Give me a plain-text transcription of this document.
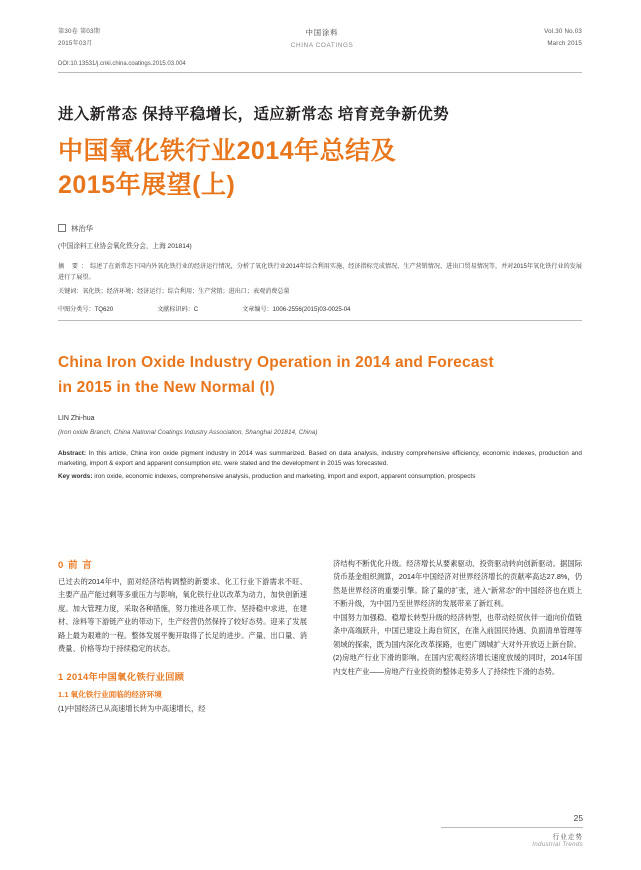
第30卷 第03期
2015年03月
中国涂料
CHINA COATINGS
Vol.30 No.03
March 2015
DOI:10.13531/j.cnki.china.coatings.2015.03.004
进入新常态 保持平稳增长，适应新常态 培育竞争新优势
中国氧化铁行业2014年总结及
2015年展望(上)
林治华
(中国涂料工业协会氧化铁分会，上海 201814)
摘 要：综述了在新常态下国内外氧化铁行业的经济运行情况，分析了氧化铁行业2014年综合利用实施、经济指标完成情况、生产营销情况、进出口贸易情况等，并对2015年氧化铁行业的发展进行了展望。
关键词：氧化铁；经济环境；经济运行；综合利用；生产营销；进出口；表观消费总量
中图分类号：TQ620	文献标识码：C	文章编号：1006-2556(2015)03-0025-04
China Iron Oxide Industry Operation in 2014 and Forecast
in 2015 in the New Normal (I)
LIN Zhi-hua
(Iron oxide Branch, China National Coatings Industry Association, Shanghai 201814, China)
Abstract: In this article, China iron oxide pigment industry in 2014 was summarized. Based on data analysis, industry comprehensive efficiency, economic indexes, production and marketing, import & export and apparent consumption etc. were stated and the development in 2015 was forecasted.
Key words: iron oxide, economic indexes, comprehensive analysis, production and marketing, import and export, apparent consumption, prospects
0 前 言
已过去的2014年中，面对经济结构调整的新要求、化工行业下游需求不旺、主要产品产能过剩等多重压力与影响，氧化铁行业以改革为动力，加快创新速度。加大管理力度，采取各种措施，努力推进各项工作。坚持稳中求进，在建材、涂料等下游链产业的带动下，生产经营仍然保持了较好态势。迎来了发展路上最为艰难的一程。整体发展平衡开取得了长足的进步。产量、出口量、消费量、价格等均于持续稳定的状态。
1 2014年中国氧化铁行业回顾
1.1 氧化铁行业面临的经济环境
(1)中国经济已从高速增长转为中高速增长，经
济结构不断优化升级。经济增长从要素驱动、投资驱动转向创新驱动。据国际货币基金组织测算，2014年中国经济对世界经济增长的贡献率高达27.8%，仍然是世界经济的重要引擎。除了量的扩张，进入“新常态”的中国经济也在质上不断升级，为中国乃至世界经济的发展带来了新红利。
中国努力加强稳、稳增长转型升级的经济转型，也带动经贸伙伴一道向价值链条中高端跃升，中国已建设上海自贸区，在准入前国民待遇、负面清单管理等领域的探索，既为国内深化改革探路，也更广阔城扩大对外开放迈上新台阶。
(2)房地产行业下滑的影响。在国内宏观经济增长速度放缓的同时，2014年国内支柱产业——房地产行业投资的整体走势多人了持续性下滑的态势。
25
行业走势
Industrial Trends
